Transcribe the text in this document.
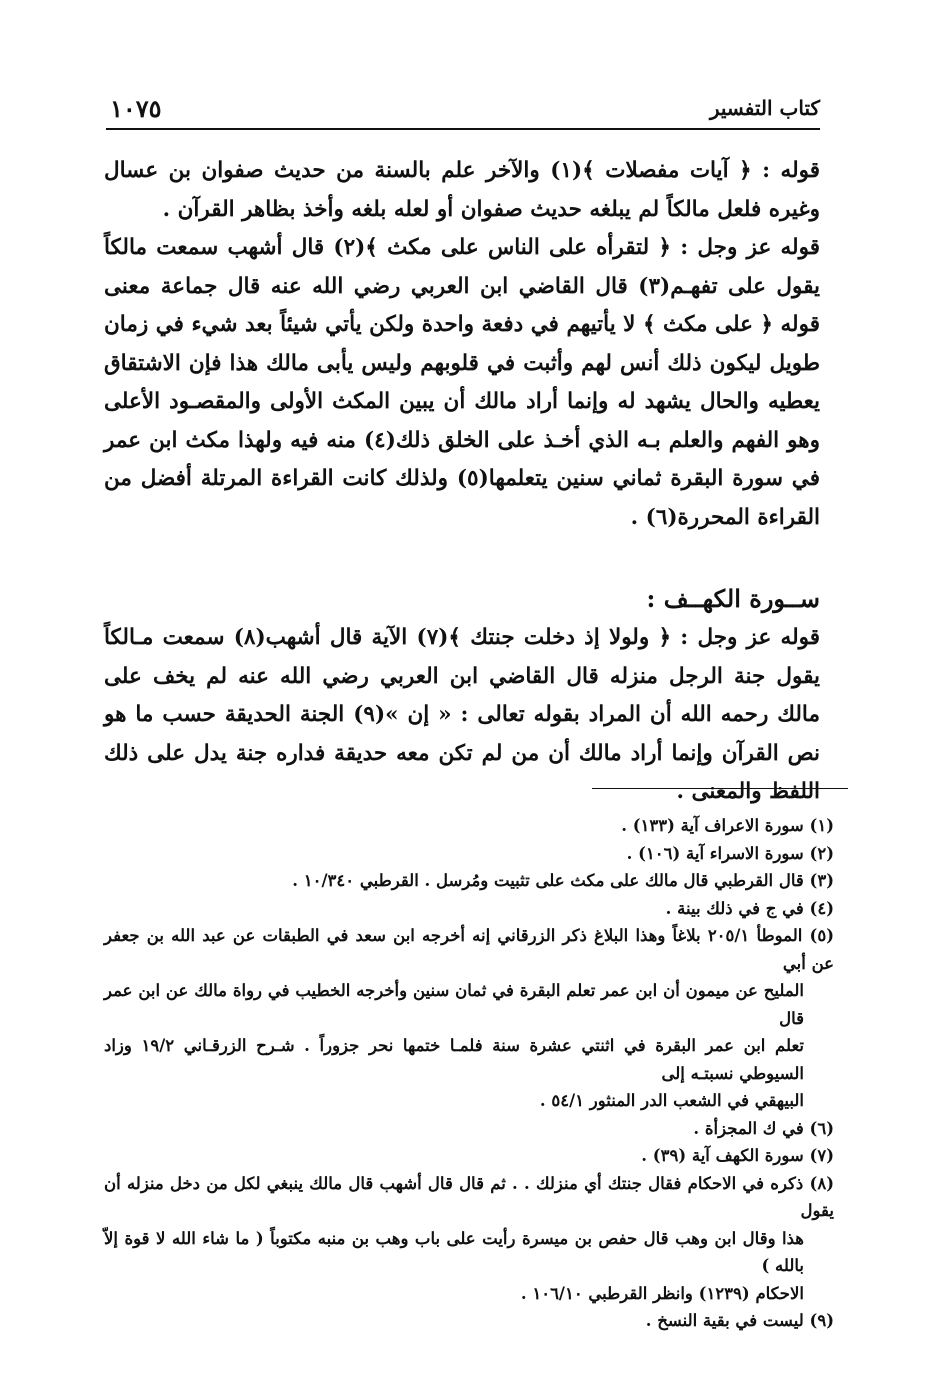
كتاب التفسير
١٠٧٥

قوله : ﴿ آيات مفصلات ﴾(١) والآخر علم بالسنة من حديث صفوان بن عسال وغيره فلعل مالكاً لم يبلغه حديث صفوان أو لعله بلغه وأخذ بظاهر القرآن .

قوله عز وجل : ﴿ لتقرأه على الناس على مكث ﴾(٢) قال أشهب سمعت مالكاً يقول على تفهـم(٣) قال القاضي ابن العربي رضي الله عنه قال جماعة معنى قوله ﴿ على مكث ﴾ لا يأتيهم في دفعة واحدة ولكن يأتي شيئاً بعد شيء في زمان طويل ليكون ذلك أنس لهم وأثبت في قلوبهم وليس يأبى مالك هذا فإن الاشتقاق يعطيه والحال يشهد له وإنما أراد مالك أن يبين المكث الأولى والمقصـود الأعلى وهو الفهم والعلم بـه الذي أخـذ على الخلق ذلك(٤) منه فيه ولهذا مكث ابن عمر في سورة البقرة ثماني سنين يتعلمها(٥) ولذلك كانت القراءة المرتلة أفضل من القراءة المحررة(٦) .

ســورة الكهــف :

قوله عز وجل : ﴿ ولولا إذ دخلت جنتك ﴾(٧) الآية قال أشهب(٨) سمعت مـالكاً يقول جنة الرجل منزله قال القاضي ابن العربي رضي الله عنه لم يخف على مالك رحمه الله أن المراد بقوله تعالى : « إن »(٩) الجنة الحديقة حسب ما هو نص القرآن وإنما أراد مالك أن من لم تكن معه حديقة فداره جنة يدل على ذلك اللفظ والمعنى .

(١) سورة الاعراف آية (١٣٣) .

(٢) سورة الاسراء آية (١٠٦) .

(٣) قال القرطبي قال مالك على مكث على تثبيت ومُرسل . القرطبي ١٠/٣٤٠ .

(٤) في ج في ذلك بينة .

(٥) الموطأ ٢٠٥/١ بلاغاً وهذا البلاغ ذكر الزرقاني إنه أخرجه ابن سعد في الطبقات عن عبد الله بن جعفر عن أبي

المليح عن ميمون أن ابن عمر تعلم البقرة في ثمان سنين وأخرجه الخطيب في رواة مالك عن ابن عمر قال

تعلم ابن عمر البقرة في اثنتي عشرة سنة فلمـا ختمها نحر جزوراً . شـرح الزرقـاني ١٩/٢ وزاد السيوطي نسبتـه إلى

البيهقي في الشعب الدر المنثور ٥٤/١ .

(٦) في ك المجزأة .

(٧) سورة الكهف آية (٣٩) .

(٨) ذكره في الاحكام فقال جنتك أي منزلك . . ثم قال قال أشهب قال مالك ينبغي لكل من دخل منزله أن يقول

هذا وقال ابن وهب قال حفص بن ميسرة رأيت على باب وهب بن منبه مكتوباً ( ما شاء الله لا قوة إلاّ بالله )

الاحكام (١٢٣٩) وانظر القرطبي ١٠٦/١٠ .

(٩) ليست في بقية النسخ .
